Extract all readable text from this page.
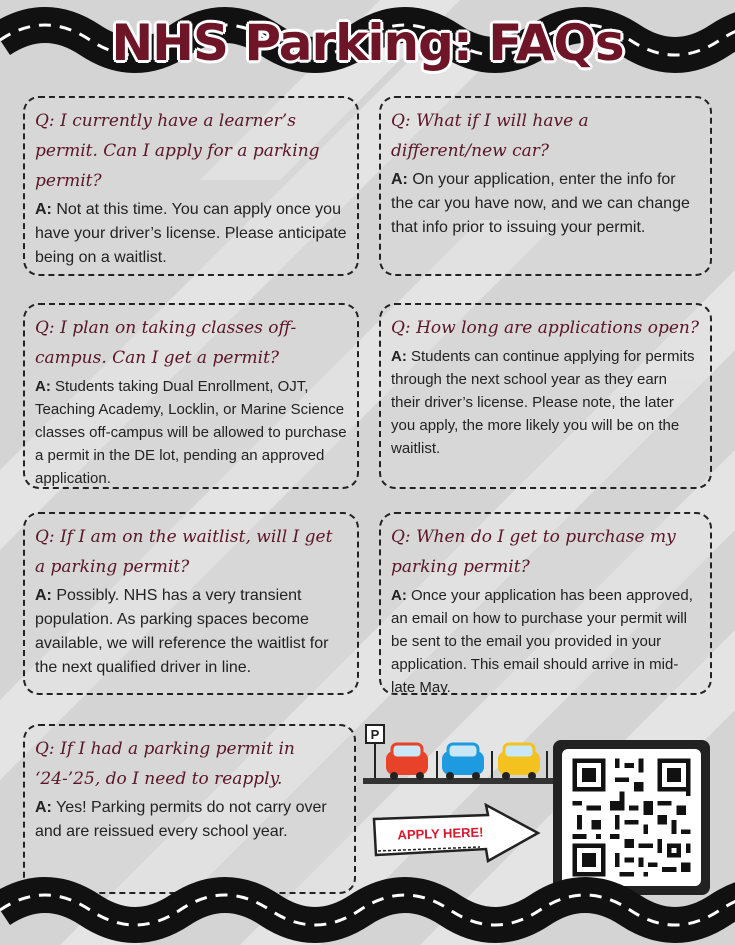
NHS Parking: FAQs
Q: I currently have a learner’s permit. Can I apply for a parking permit?
A: Not at this time. You can apply once you have your driver’s license. Please anticipate being on a waitlist.
Q: What if I will have a different/new car?
A: On your application, enter the info for the car you have now, and we can change that info prior to issuing your permit.
Q: I plan on taking classes off-campus. Can I get a permit?
A: Students taking Dual Enrollment, OJT, Teaching Academy, Locklin, or Marine Science classes off-campus will be allowed to purchase a permit in the DE lot, pending an approved application.
Q: How long are applications open?
A: Students can continue applying for permits through the next school year as they earn their driver’s license. Please note, the later you apply, the more likely you will be on the waitlist.
Q: If I am on the waitlist, will I get a parking permit?
A: Possibly. NHS has a very transient population. As parking spaces become available, we will reference the waitlist for the next qualified driver in line.
Q: When do I get to purchase my parking permit?
A: Once your application has been approved, an email on how to purchase your permit will be sent to the email you provided in your application. This email should arrive in mid-late May.
Q: If I had a parking permit in ‘24-’25, do I need to reapply.
A: Yes! Parking permits do not carry over and are reissued every school year.
P
APPLY HERE!
